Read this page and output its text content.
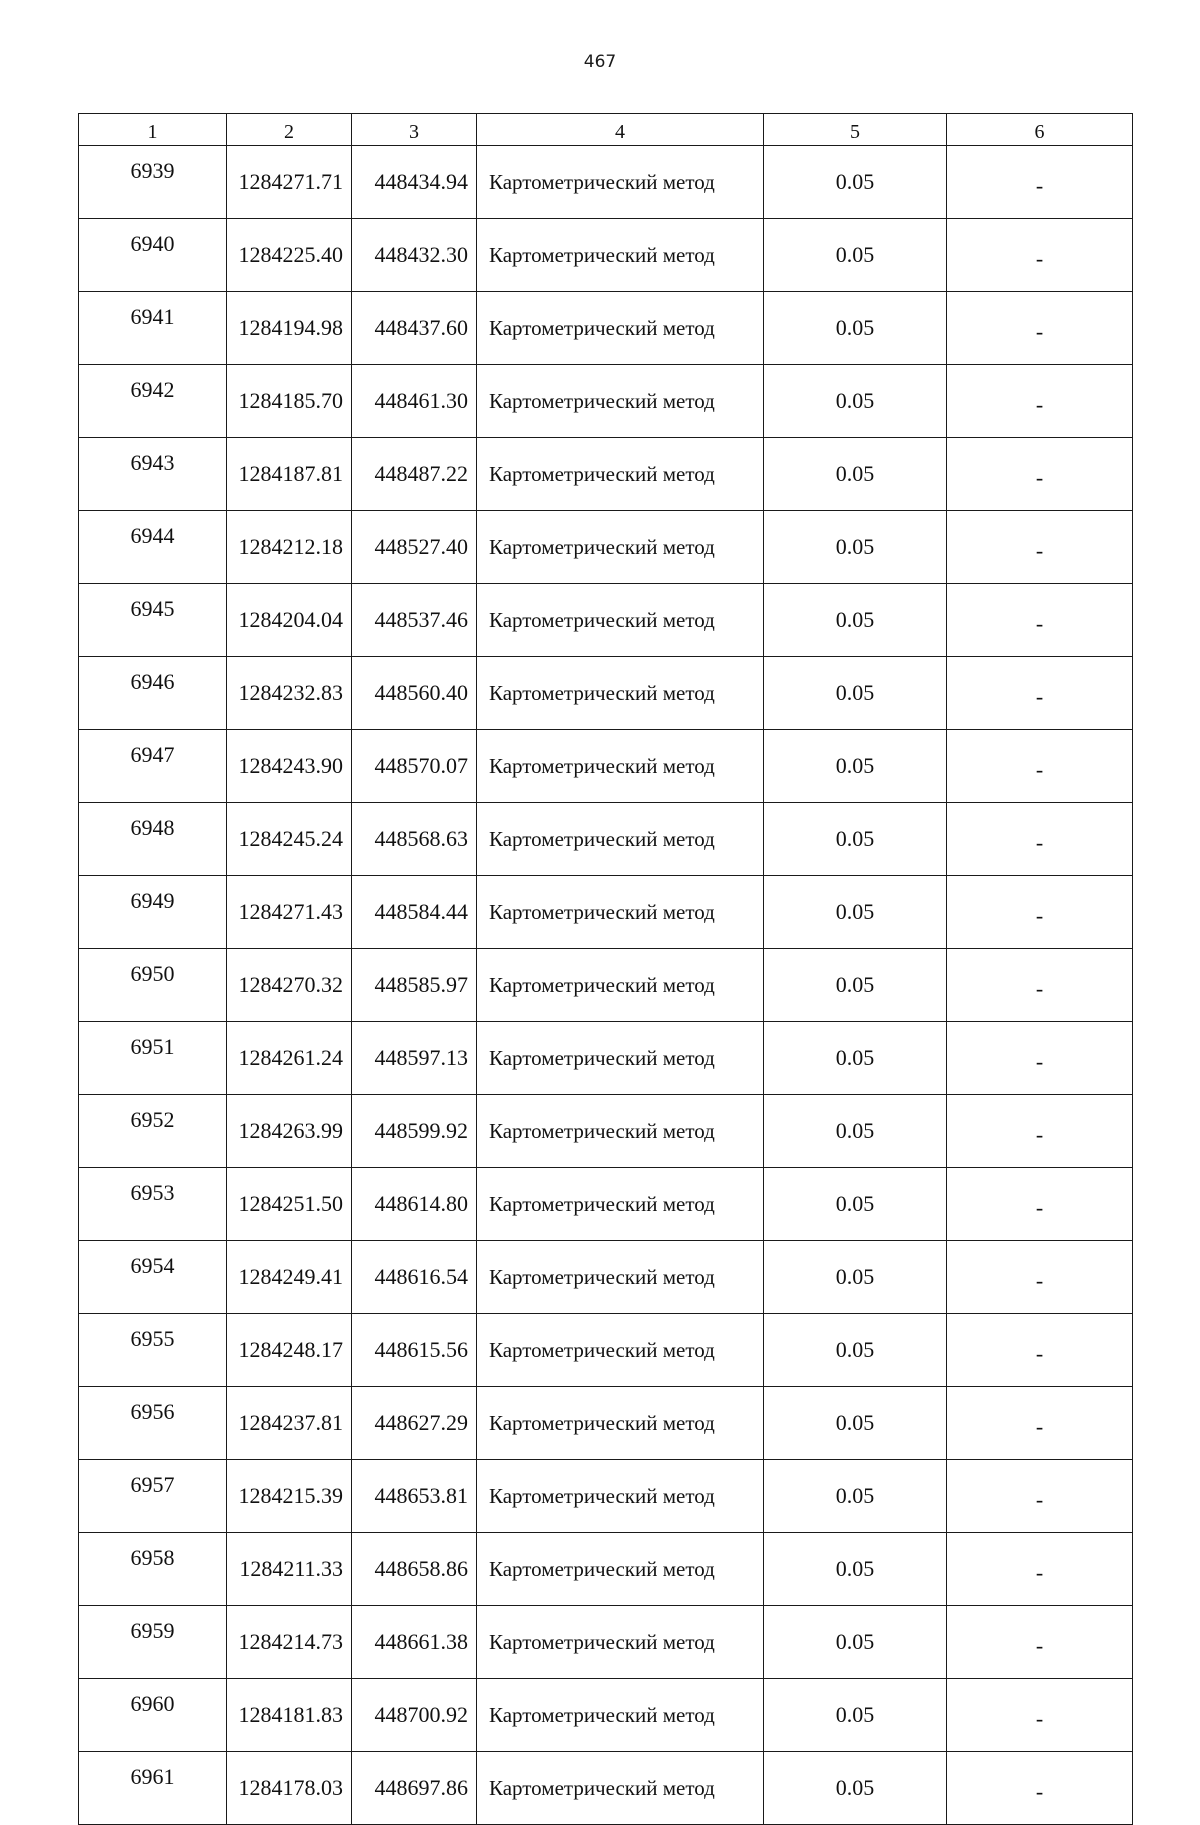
467
1	2	3	4	5	6
6939	1284271.71	448434.94	Картометрический метод	0.05	-
6940	1284225.40	448432.30	Картометрический метод	0.05	-
6941	1284194.98	448437.60	Картометрический метод	0.05	-
6942	1284185.70	448461.30	Картометрический метод	0.05	-
6943	1284187.81	448487.22	Картометрический метод	0.05	-
6944	1284212.18	448527.40	Картометрический метод	0.05	-
6945	1284204.04	448537.46	Картометрический метод	0.05	-
6946	1284232.83	448560.40	Картометрический метод	0.05	-
6947	1284243.90	448570.07	Картометрический метод	0.05	-
6948	1284245.24	448568.63	Картометрический метод	0.05	-
6949	1284271.43	448584.44	Картометрический метод	0.05	-
6950	1284270.32	448585.97	Картометрический метод	0.05	-
6951	1284261.24	448597.13	Картометрический метод	0.05	-
6952	1284263.99	448599.92	Картометрический метод	0.05	-
6953	1284251.50	448614.80	Картометрический метод	0.05	-
6954	1284249.41	448616.54	Картометрический метод	0.05	-
6955	1284248.17	448615.56	Картометрический метод	0.05	-
6956	1284237.81	448627.29	Картометрический метод	0.05	-
6957	1284215.39	448653.81	Картометрический метод	0.05	-
6958	1284211.33	448658.86	Картометрический метод	0.05	-
6959	1284214.73	448661.38	Картометрический метод	0.05	-
6960	1284181.83	448700.92	Картометрический метод	0.05	-
6961	1284178.03	448697.86	Картометрический метод	0.05	-
